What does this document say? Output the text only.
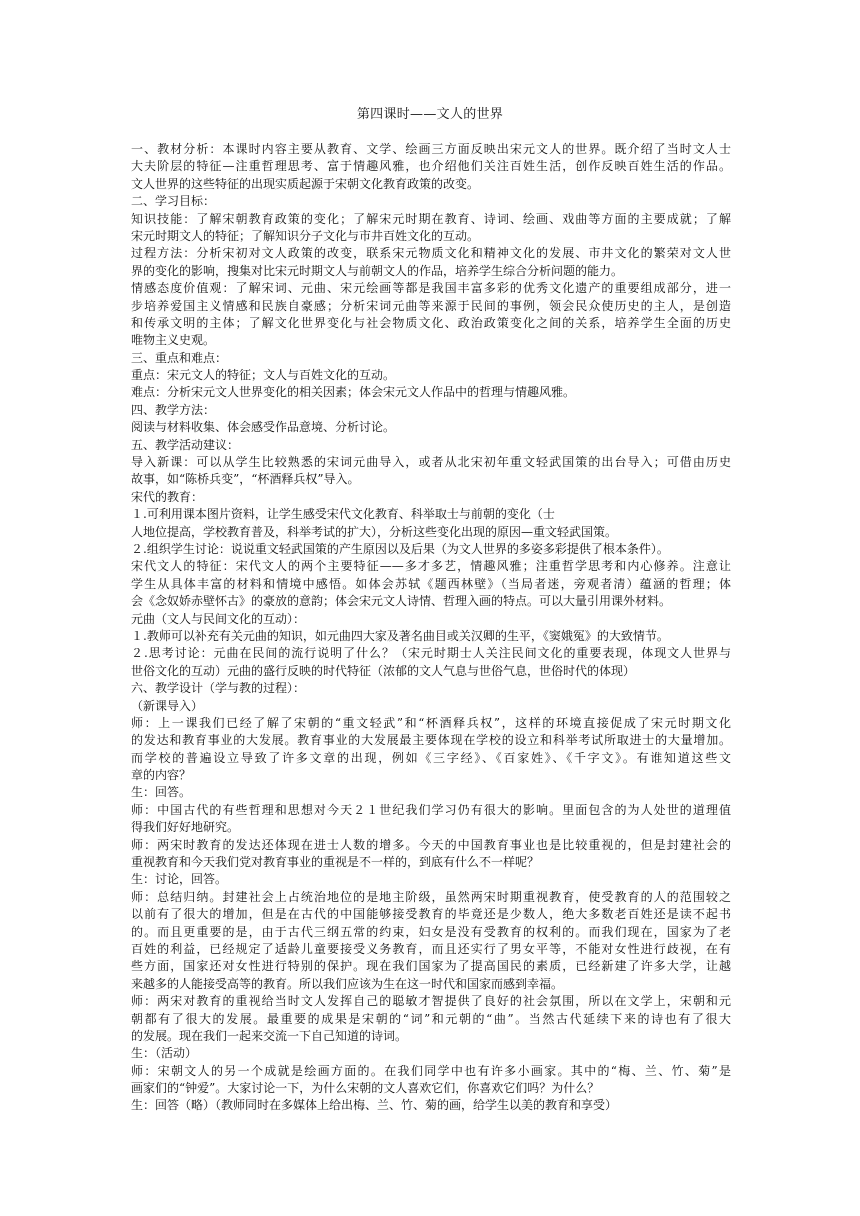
第四课时——文人的世界
一、教材分析：本课时内容主要从教育、文学、绘画三方面反映出宋元文人的世界。既介绍了当时文人士
大夫阶层的特征—注重哲理思考、富于情趣风雅，也介绍他们关注百姓生活，创作反映百姓生活的作品。
文人世界的这些特征的出现实质起源于宋朝文化教育政策的改变。
二、学习目标：
知识技能：了解宋朝教育政策的变化；了解宋元时期在教育、诗词、绘画、戏曲等方面的主要成就；了解
宋元时期文人的特征；了解知识分子文化与市井百姓文化的互动。
过程方法：分析宋初对文人政策的改变，联系宋元物质文化和精神文化的发展、市井文化的繁荣对文人世
界的变化的影响，搜集对比宋元时期文人与前朝文人的作品，培养学生综合分析问题的能力。
情感态度价值观：了解宋词、元曲、宋元绘画等都是我国丰富多彩的优秀文化遗产的重要组成部分，进一
步培养爱国主义情感和民族自豪感；分析宋词元曲等来源于民间的事例，领会民众使历史的主人，是创造
和传承文明的主体；了解文化世界变化与社会物质文化、政治政策变化之间的关系，培养学生全面的历史
唯物主义史观。
三、重点和难点：
重点：宋元文人的特征；文人与百姓文化的互动。
难点：分析宋元文人世界变化的相关因素；体会宋元文人作品中的哲理与情趣风雅。
四、教学方法：
阅读与材料收集、体会感受作品意境、分析讨论。
五、教学活动建议：
导入新课：可以从学生比较熟悉的宋词元曲导入，或者从北宋初年重文轻武国策的出台导入；可借由历史
故事，如“陈桥兵变”，“杯酒释兵权”导入。
宋代的教育：
１.可利用课本图片资料，让学生感受宋代文化教育、科举取士与前朝的变化（士
人地位提高，学校教育普及，科举考试的扩大），分析这些变化出现的原因—重文轻武国策。
２.组织学生讨论：说说重文轻武国策的产生原因以及后果（为文人世界的多姿多彩提供了根本条件）。
宋代文人的特征：宋代文人的两个主要特征——多才多艺，情趣风雅；注重哲学思考和内心修养。注意让
学生从具体丰富的材料和情境中感悟。如体会苏轼《题西林壁》（当局者迷，旁观者清）蕴涵的哲理；体
会《念奴娇赤壁怀古》的豪放的意韵；体会宋元文人诗情、哲理入画的特点。可以大量引用课外材料。
元曲（文人与民间文化的互动）：
１.教师可以补充有关元曲的知识，如元曲四大家及著名曲目或关汉卿的生平，《窦娥冤》的大致情节。
２.思考讨论：元曲在民间的流行说明了什么？（宋元时期士人关注民间文化的重要表现，体现文人世界与
世俗文化的互动）元曲的盛行反映的时代特征（浓郁的文人气息与世俗气息，世俗时代的体现）
六、教学设计（学与教的过程）：
（新课导入）
师：上一课我们已经了解了宋朝的“重文轻武”和“杯酒释兵权”，这样的环境直接促成了宋元时期文化
的发达和教育事业的大发展。教育事业的大发展最主要体现在学校的设立和科举考试所取进士的大量增加。
而学校的普遍设立导致了许多文章的出现，例如《三字经》、《百家姓》、《千字文》。有谁知道这些文
章的内容？
生：回答。
师：中国古代的有些哲理和思想对今天２１世纪我们学习仍有很大的影响。里面包含的为人处世的道理值
得我们好好地研究。
师：两宋时教育的发达还体现在进士人数的增多。今天的中国教育事业也是比较重视的，但是封建社会的
重视教育和今天我们党对教育事业的重视是不一样的，到底有什么不一样呢？
生：讨论，回答。
师：总结归纳。封建社会上占统治地位的是地主阶级，虽然两宋时期重视教育，使受教育的人的范围较之
以前有了很大的增加，但是在古代的中国能够接受教育的毕竟还是少数人，绝大多数老百姓还是读不起书
的。而且更重要的是，由于古代三纲五常的约束，妇女是没有受教育的权利的。而我们现在，国家为了老
百姓的利益，已经规定了适龄儿童要接受义务教育，而且还实行了男女平等，不能对女性进行歧视，在有
些方面，国家还对女性进行特别的保护。现在我们国家为了提高国民的素质，已经新建了许多大学，让越
来越多的人能接受高等的教育。所以我们应该为生在这一时代和国家而感到幸福。
师：两宋对教育的重视给当时文人发挥自己的聪敏才智提供了良好的社会氛围，所以在文学上，宋朝和元
朝都有了很大的发展。最重要的成果是宋朝的“词”和元朝的“曲”。当然古代延续下来的诗也有了很大
的发展。现在我们一起来交流一下自己知道的诗词。
生：（活动）
师：宋朝文人的另一个成就是绘画方面的。在我们同学中也有许多小画家。其中的“梅、兰、竹、菊”是
画家们的“钟爱”。大家讨论一下，为什么宋朝的文人喜欢它们，你喜欢它们吗？为什么？
生：回答（略）（教师同时在多媒体上给出梅、兰、竹、菊的画，给学生以美的教育和享受）
